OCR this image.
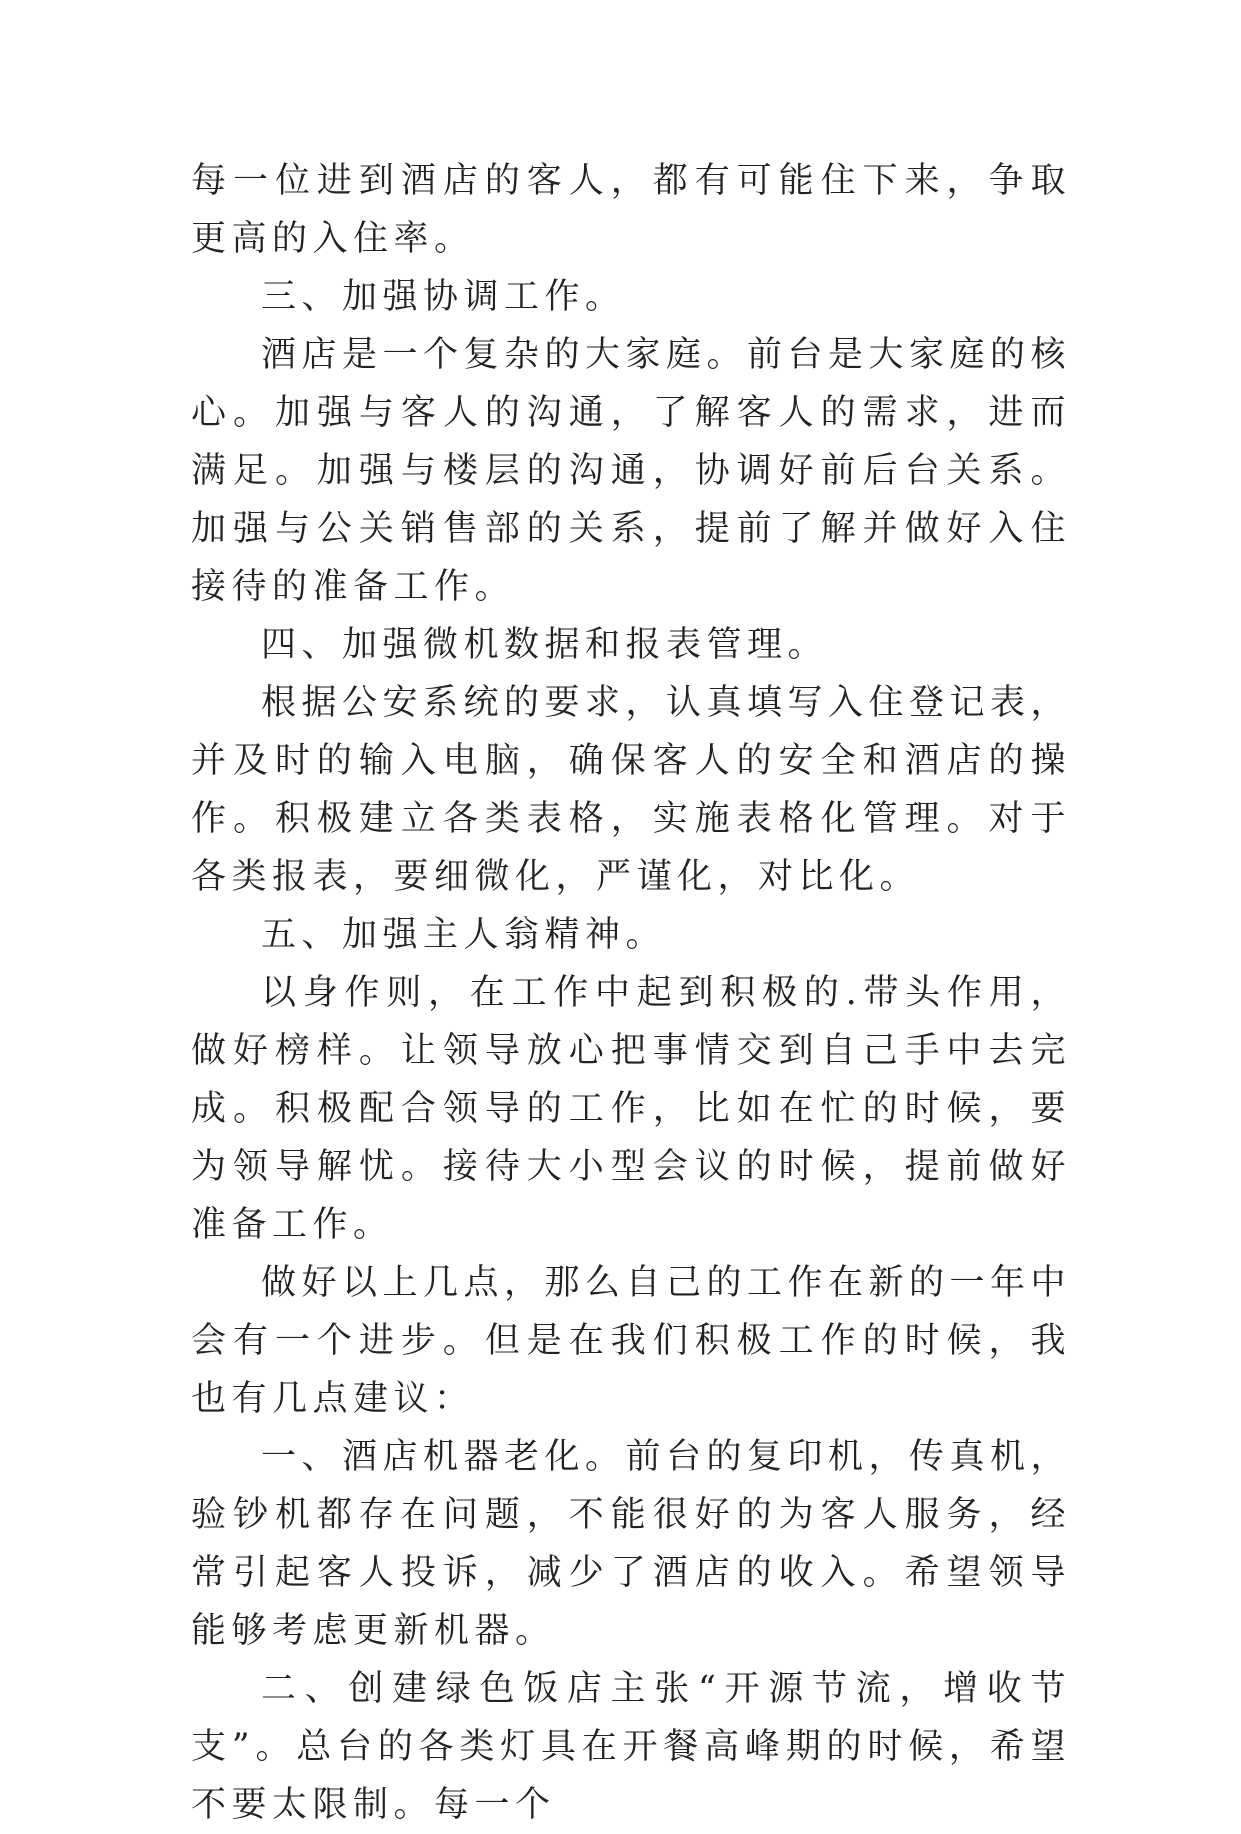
每一位进到酒店的客人，都有可能住下来，争取更高的入住率。

三、加强协调工作。

酒店是一个复杂的大家庭。前台是大家庭的核心。加强与客人的沟通，了解客人的需求，进而满足。加强与楼层的沟通，协调好前后台关系。加强与公关销售部的关系，提前了解并做好入住接待的准备工作。

四、加强微机数据和报表管理。

根据公安系统的要求，认真填写入住登记表，并及时的输入电脑，确保客人的安全和酒店的操作。积极建立各类表格，实施表格化管理。对于各类报表，要细微化，严谨化，对比化。

五、加强主人翁精神。

以身作则，在工作中起到积极的.带头作用，做好榜样。让领导放心把事情交到自己手中去完成。积极配合领导的工作，比如在忙的时候，要为领导解忧。接待大小型会议的时候，提前做好准备工作。

做好以上几点，那么自己的工作在新的一年中会有一个进步。但是在我们积极工作的时候，我也有几点建议：

一、酒店机器老化。前台的复印机，传真机，验钞机都存在问题，不能很好的为客人服务，经常引起客人投诉，减少了酒店的收入。希望领导能够考虑更新机器。

二、创建绿色饭店主张“开源节流，增收节支”。总台的各类灯具在开餐高峰期的时候，希望不要太限制。每一个
